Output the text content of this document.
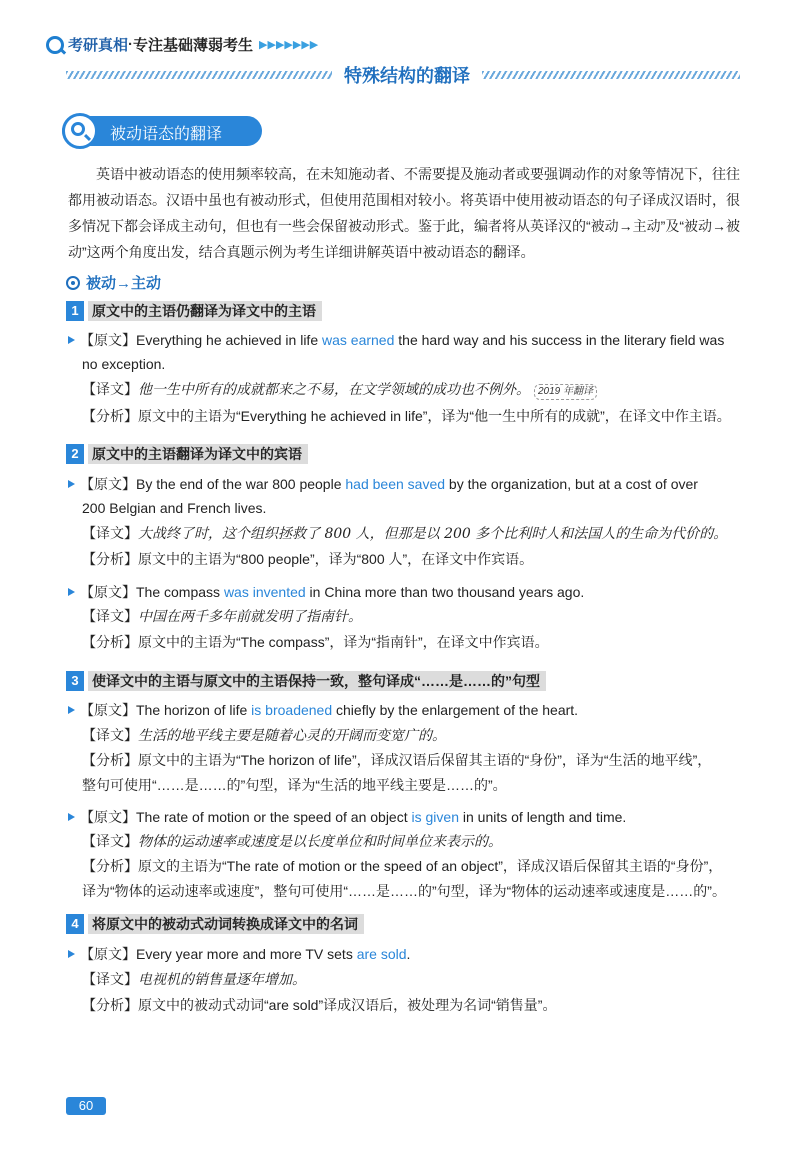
考研真相 · 专注基础薄弱考生 ▶▶▶▶▶▶▶
特殊结构的翻译
被动语态的翻译
英语中被动语态的使用频率较高，在未知施动者、不需要提及施动者或要强调动作的对象等情况下，往往都用被动语态。汉语中虽也有被动形式，但使用范围相对较小。将英语中使用被动语态的句子译成汉语时，很多情况下都会译成主动句，但也有一些会保留被动形式。鉴于此，编者将从英译汉的“被动→主动”及“被动→被动”这两个角度出发，结合真题示例为考生详细讲解英语中被动语态的翻译。
被动→主动
1 原文中的主语仍翻译为译文中的主语
【原文】Everything he achieved in life was earned the hard way and his success in the literary field was
no exception.
【译文】他一生中所有的成就都来之不易，在文学领域的成功也不例外。 2019 年翻译
【分析】原文中的主语为“Everything he achieved in life”，译为“他一生中所有的成就”，在译文中作主语。
2 原文中的主语翻译为译文中的宾语
【原文】By the end of the war 800 people had been saved by the organization, but at a cost of over
200 Belgian and French lives.
【译文】大战终了时，这个组织拯救了 800 人，但那是以 200 多个比利时人和法国人的生命为代价的。
【分析】原文中的主语为“800 people”，译为“800 人”，在译文中作宾语。
【原文】The compass was invented in China more than two thousand years ago.
【译文】中国在两千多年前就发明了指南针。
【分析】原文中的主语为“The compass”，译为“指南针”，在译文中作宾语。
3 使译文中的主语与原文中的主语保持一致，整句译成“……是……的”句型
【原文】The horizon of life is broadened chiefly by the enlargement of the heart.
【译文】生活的地平线主要是随着心灵的开阔而变宽广的。
【分析】原文中的主语为“The horizon of life”，译成汉语后保留其主语的“身份”，译为“生活的地平线”，
整句可使用“……是……的”句型，译为“生活的地平线主要是……的”。
【原文】The rate of motion or the speed of an object is given in units of length and time.
【译文】物体的运动速率或速度是以长度单位和时间单位来表示的。
【分析】原文的主语为“The rate of motion or the speed of an object”，译成汉语后保留其主语的“身份”，
译为“物体的运动速率或速度”，整句可使用“……是……的”句型，译为“物体的运动速率或速度是……的”。
4 将原文中的被动式动词转换成译文中的名词
【原文】Every year more and more TV sets are sold.
【译文】电视机的销售量逐年增加。
【分析】原文中的被动式动词“are sold”译成汉语后，被处理为名词“销售量”。
60
